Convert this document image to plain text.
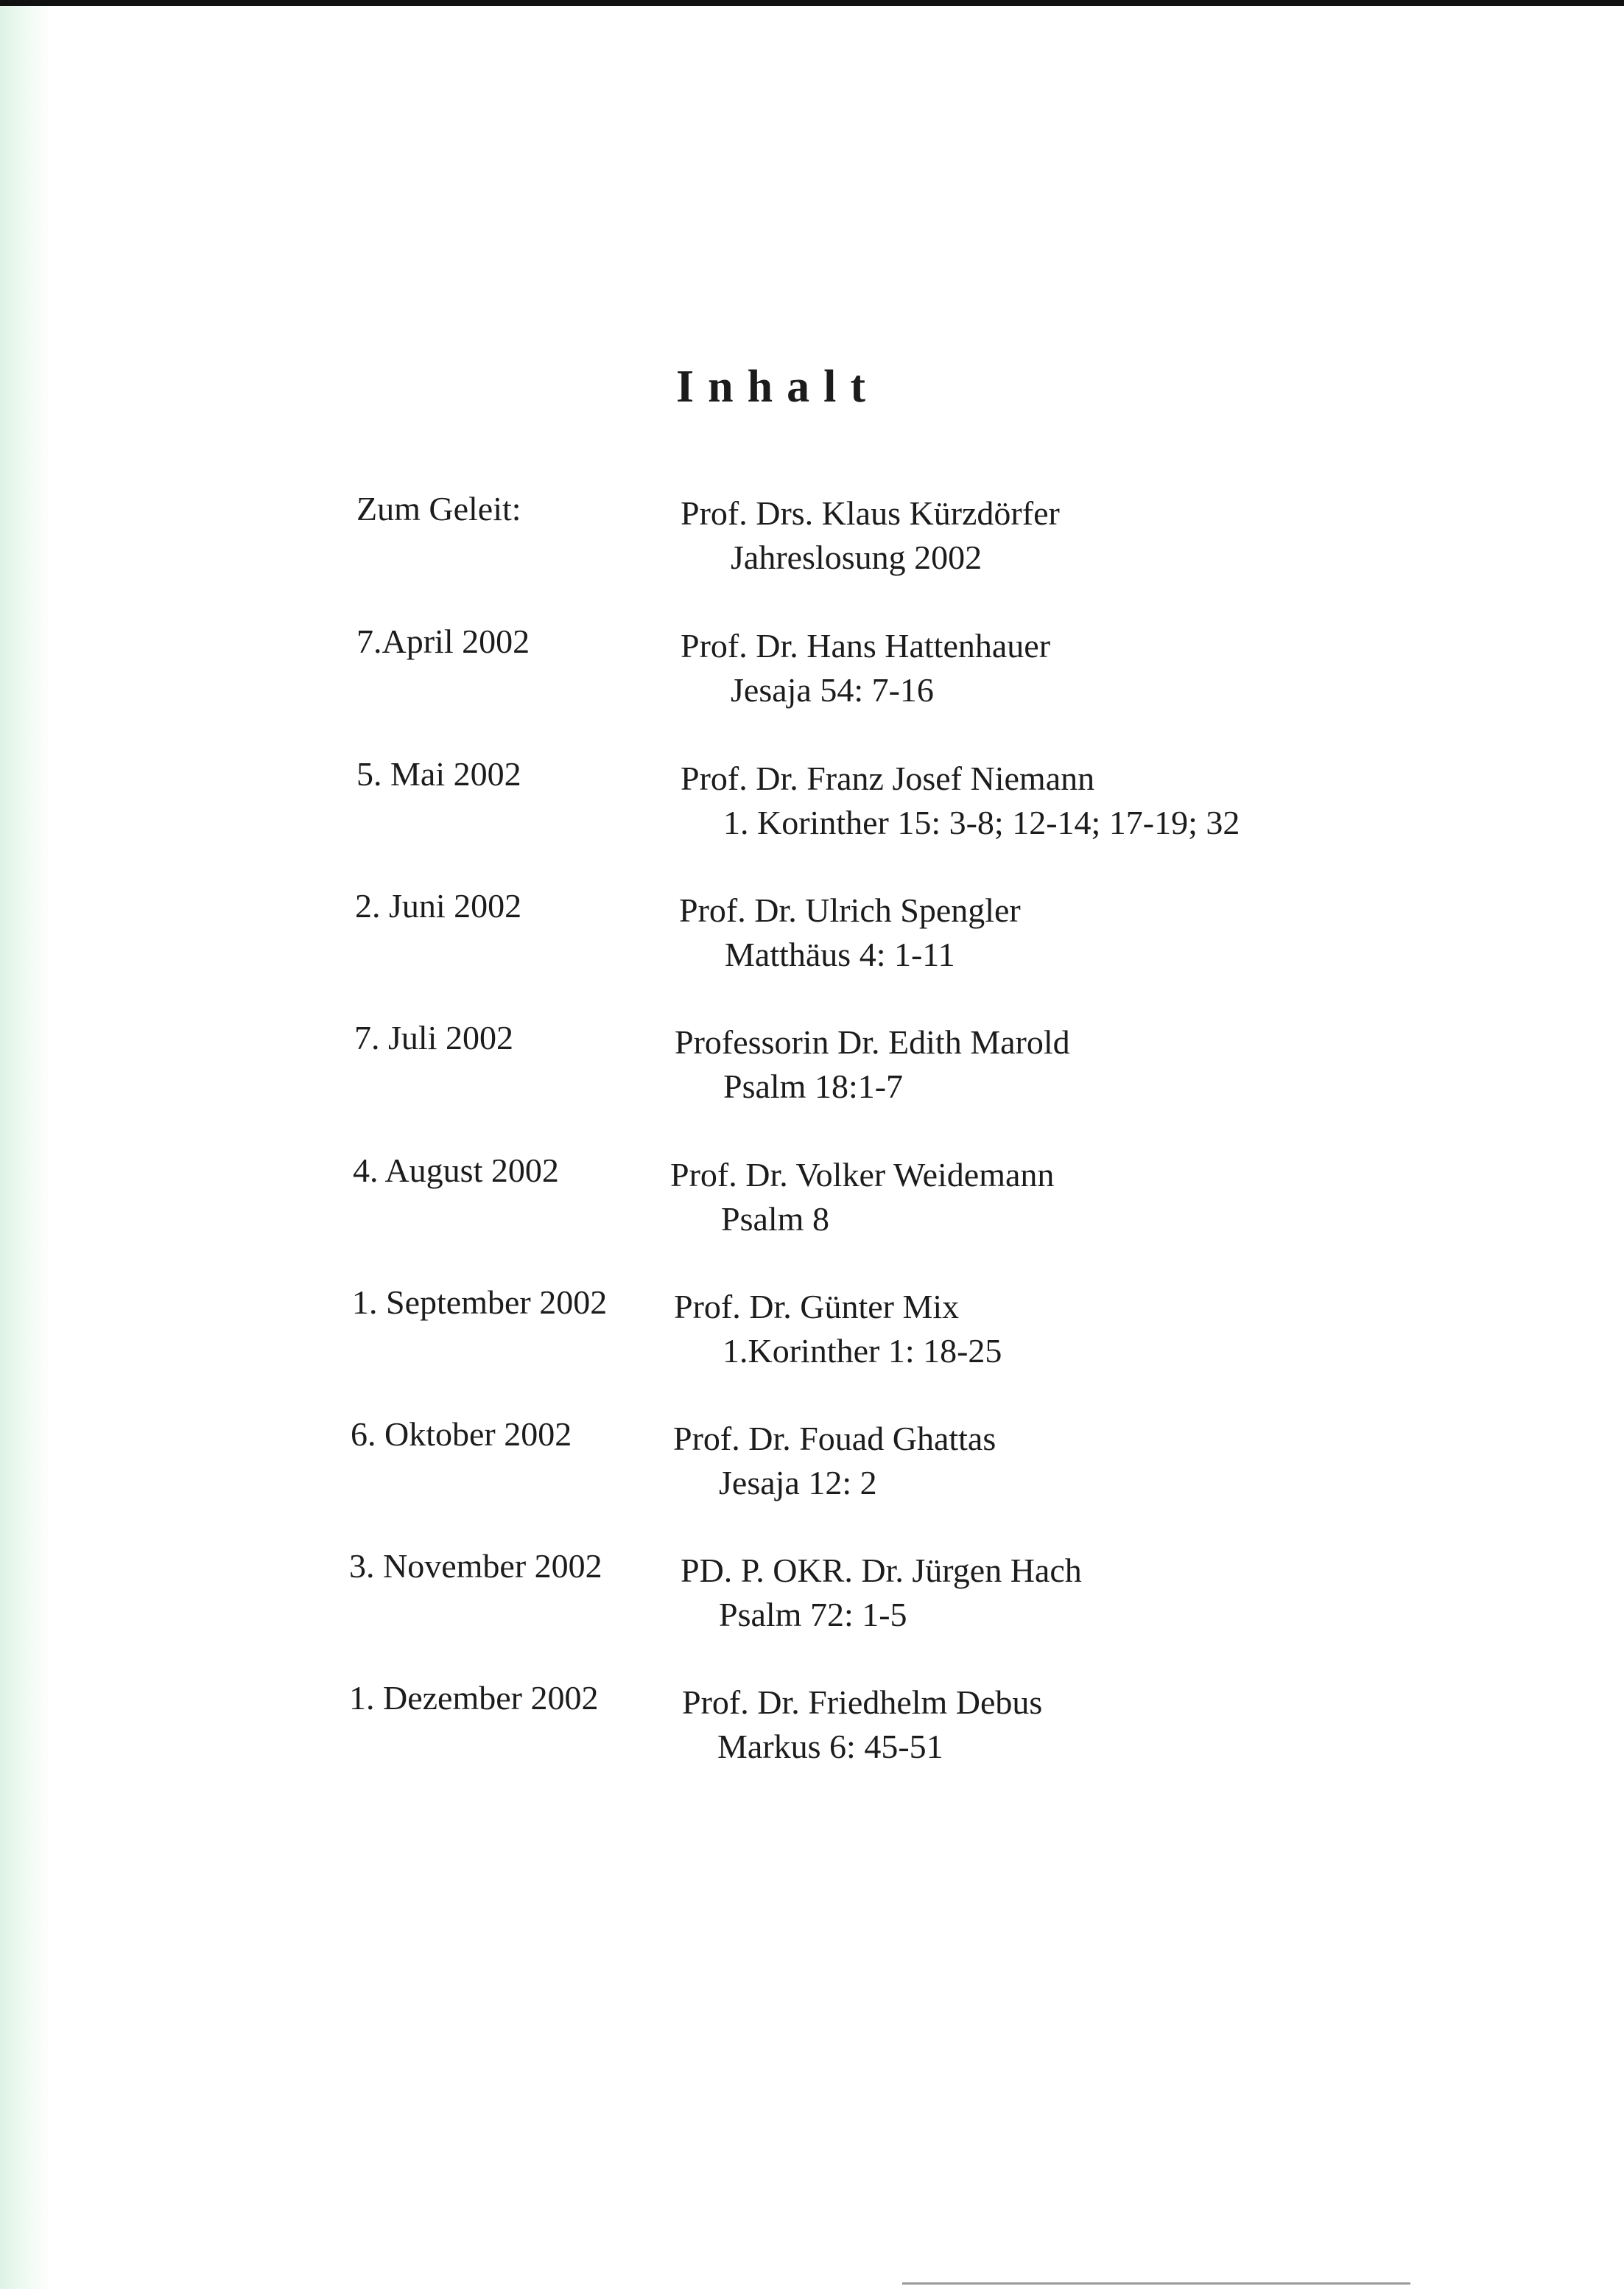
Inhalt
Zum Geleit:	Prof. Drs. Klaus Kürzdörfer
Jahreslosung 2002
7.April 2002	Prof. Dr. Hans Hattenhauer
Jesaja 54: 7-16
5. Mai 2002	Prof. Dr. Franz Josef Niemann
1. Korinther 15: 3-8; 12-14; 17-19; 32
2. Juni 2002	Prof. Dr. Ulrich Spengler
Matthäus 4: 1-11
7. Juli 2002	Professorin Dr. Edith Marold
Psalm 18:1-7
4. August 2002	Prof. Dr. Volker Weidemann
Psalm 8
1. September 2002 Prof. Dr. Günter Mix
1.Korinther 1: 18-25
6. Oktober 2002	Prof. Dr. Fouad Ghattas
Jesaja 12: 2
3. November 2002 PD. P. OKR. Dr. Jürgen Hach
Psalm 72: 1-5
1. Dezember 2002 Prof. Dr. Friedhelm Debus
Markus 6: 45-51
